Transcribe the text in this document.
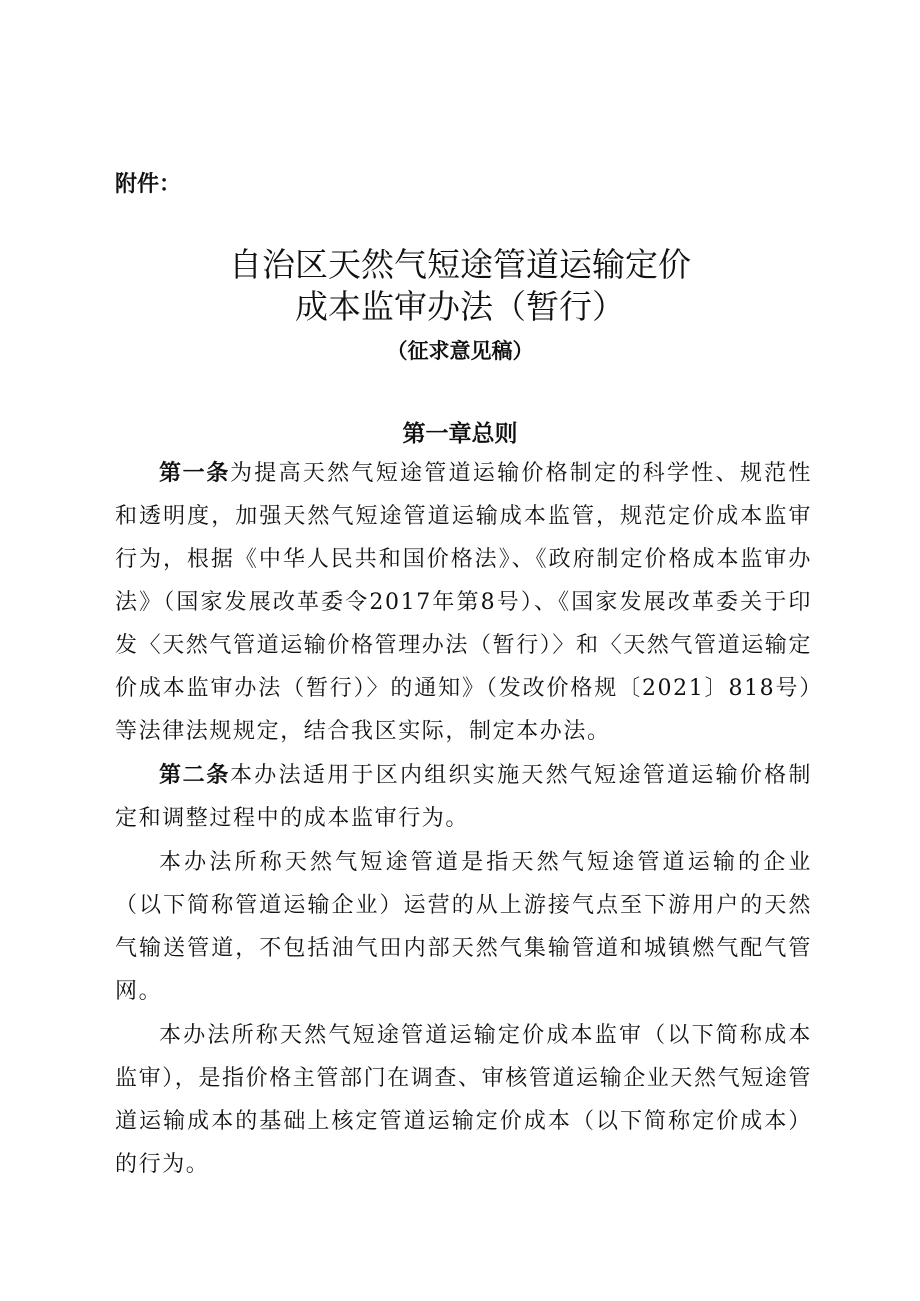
附件：
自治区天然气短途管道运输定价
成本监审办法（暂行）
（征求意见稿）
第一章总则

第一条为提高天然气短途管道运输价格制定的科学性、规范性和透明度，加强天然气短途管道运输成本监管，规范定价成本监审行为，根据《中华人民共和国价格法》、《政府制定价格成本监审办法》（国家发展改革委令2017年第8号）、《国家发展改革委关于印发〈天然气管道运输价格管理办法（暂行）〉和〈天然气管道运输定价成本监审办法（暂行）〉的通知》（发改价格规〔2021〕818号）等法律法规规定，结合我区实际，制定本办法。

第二条本办法适用于区内组织实施天然气短途管道运输价格制定和调整过程中的成本监审行为。

本办法所称天然气短途管道是指天然气短途管道运输的企业（以下简称管道运输企业）运营的从上游接气点至下游用户的天然气输送管道，不包括油气田内部天然气集输管道和城镇燃气配气管网。

本办法所称天然气短途管道运输定价成本监审（以下简称成本监审），是指价格主管部门在调查、审核管道运输企业天然气短途管道运输成本的基础上核定管道运输定价成本（以下简称定价成本）的行为。
